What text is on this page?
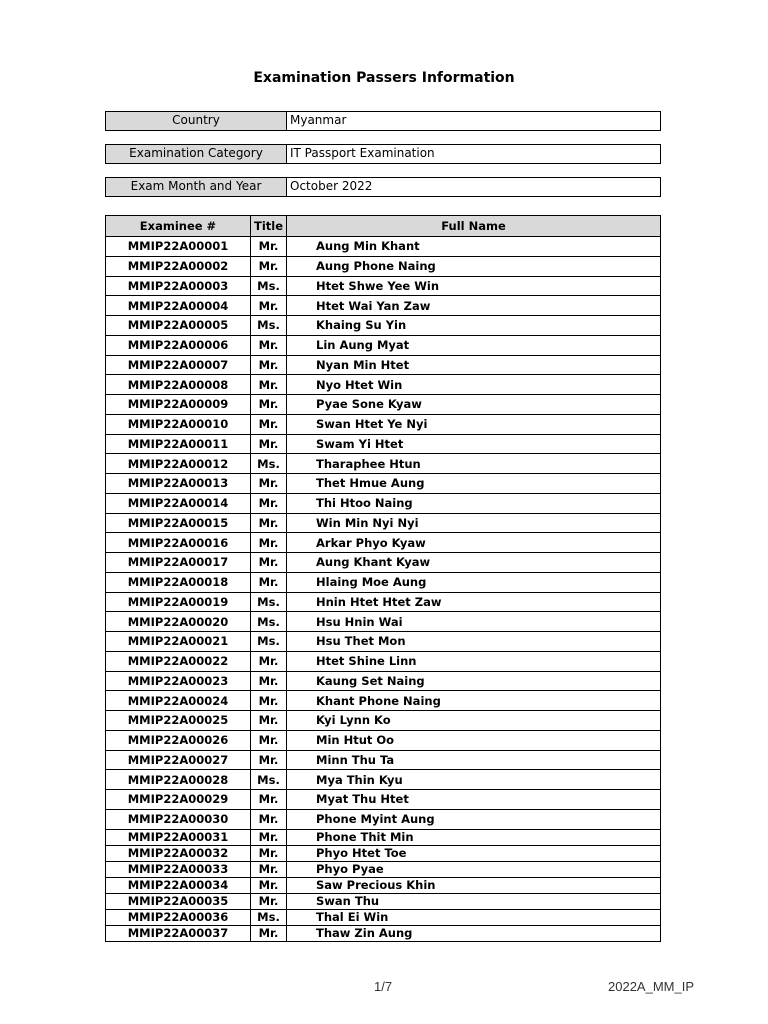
Examination Passers Information
Country	Myanmar
Examination Category	IT Passport Examination
Exam Month and Year	October 2022
Examinee #	Title	Full Name
MMIP22A00001	Mr.	Aung Min Khant
MMIP22A00002	Mr.	Aung Phone Naing
MMIP22A00003	Ms.	Htet Shwe Yee Win
MMIP22A00004	Mr.	Htet Wai Yan Zaw
MMIP22A00005	Ms.	Khaing Su Yin
MMIP22A00006	Mr.	Lin Aung Myat
MMIP22A00007	Mr.	Nyan Min Htet
MMIP22A00008	Mr.	Nyo Htet Win
MMIP22A00009	Mr.	Pyae Sone Kyaw
MMIP22A00010	Mr.	Swan Htet Ye Nyi
MMIP22A00011	Mr.	Swam Yi Htet
MMIP22A00012	Ms.	Tharaphee Htun
MMIP22A00013	Mr.	Thet Hmue Aung
MMIP22A00014	Mr.	Thi Htoo Naing
MMIP22A00015	Mr.	Win Min Nyi Nyi
MMIP22A00016	Mr.	Arkar Phyo Kyaw
MMIP22A00017	Mr.	Aung Khant Kyaw
MMIP22A00018	Mr.	Hlaing Moe Aung
MMIP22A00019	Ms.	Hnin Htet Htet Zaw
MMIP22A00020	Ms.	Hsu Hnin Wai
MMIP22A00021	Ms.	Hsu Thet Mon
MMIP22A00022	Mr.	Htet Shine Linn
MMIP22A00023	Mr.	Kaung Set Naing
MMIP22A00024	Mr.	Khant Phone Naing
MMIP22A00025	Mr.	Kyi Lynn Ko
MMIP22A00026	Mr.	Min Htut Oo
MMIP22A00027	Mr.	Minn Thu Ta
MMIP22A00028	Ms.	Mya Thin Kyu
MMIP22A00029	Mr.	Myat Thu Htet
MMIP22A00030	Mr.	Phone Myint Aung
MMIP22A00031	Mr.	Phone Thit Min
MMIP22A00032	Mr.	Phyo Htet Toe
MMIP22A00033	Mr.	Phyo Pyae
MMIP22A00034	Mr.	Saw Precious Khin
MMIP22A00035	Mr.	Swan Thu
MMIP22A00036	Ms.	Thal Ei Win
MMIP22A00037	Mr.	Thaw Zin Aung
1/7	2022A_MM_IP
